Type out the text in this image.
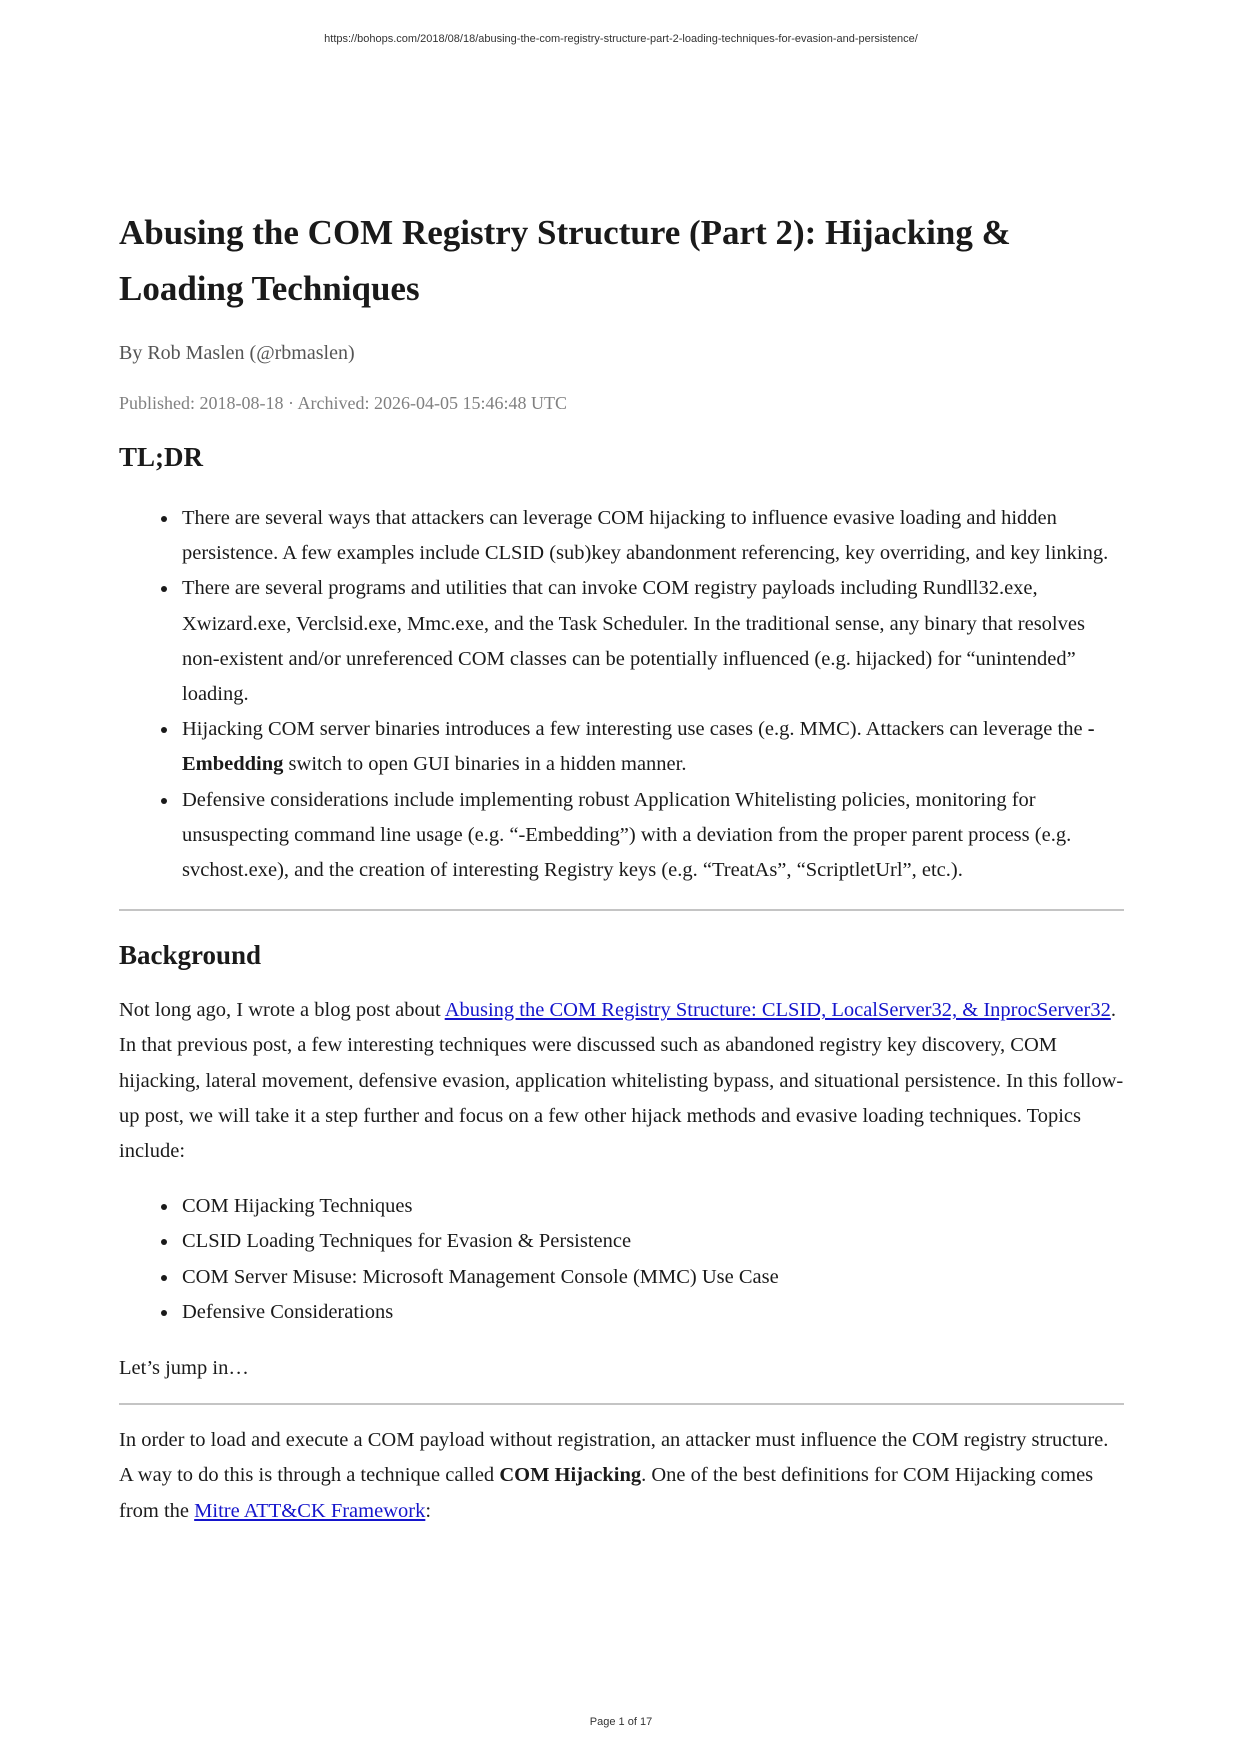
https://bohops.com/2018/08/18/abusing-the-com-registry-structure-part-2-loading-techniques-for-evasion-and-persistence/
Abusing the COM Registry Structure (Part 2): Hijacking & Loading Techniques
By Rob Maslen (@rbmaslen)
Published: 2018-08-18 · Archived: 2026-04-05 15:46:48 UTC
TL;DR
There are several ways that attackers can leverage COM hijacking to influence evasive loading and hidden persistence. A few examples include CLSID (sub)key abandonment referencing, key overriding, and key linking.
There are several programs and utilities that can invoke COM registry payloads including Rundll32.exe, Xwizard.exe, Verclsid.exe, Mmc.exe, and the Task Scheduler. In the traditional sense, any binary that resolves non-existent and/or unreferenced COM classes can be potentially influenced (e.g. hijacked) for “unintended” loading.
Hijacking COM server binaries introduces a few interesting use cases (e.g. MMC). Attackers can leverage the -Embedding switch to open GUI binaries in a hidden manner.
Defensive considerations include implementing robust Application Whitelisting policies, monitoring for unsuspecting command line usage (e.g. “-Embedding”) with a deviation from the proper parent process (e.g. svchost.exe), and the creation of interesting Registry keys (e.g. “TreatAs”, “ScriptletUrl”, etc.).
Background

Not long ago, I wrote a blog post about Abusing the COM Registry Structure: CLSID, LocalServer32, & InprocServer32. In that previous post, a few interesting techniques were discussed such as abandoned registry key discovery, COM hijacking, lateral movement, defensive evasion, application whitelisting bypass, and situational persistence. In this follow-up post, we will take it a step further and focus on a few other hijack methods and evasive loading techniques. Topics include:

COM Hijacking Techniques
CLSID Loading Techniques for Evasion & Persistence
COM Server Misuse: Microsoft Management Console (MMC) Use Case
Defensive Considerations

Let’s jump in…

In order to load and execute a COM payload without registration, an attacker must influence the COM registry structure. A way to do this is through a technique called COM Hijacking. One of the best definitions for COM Hijacking comes from the Mitre ATT&CK Framework:

Page 1 of 17
